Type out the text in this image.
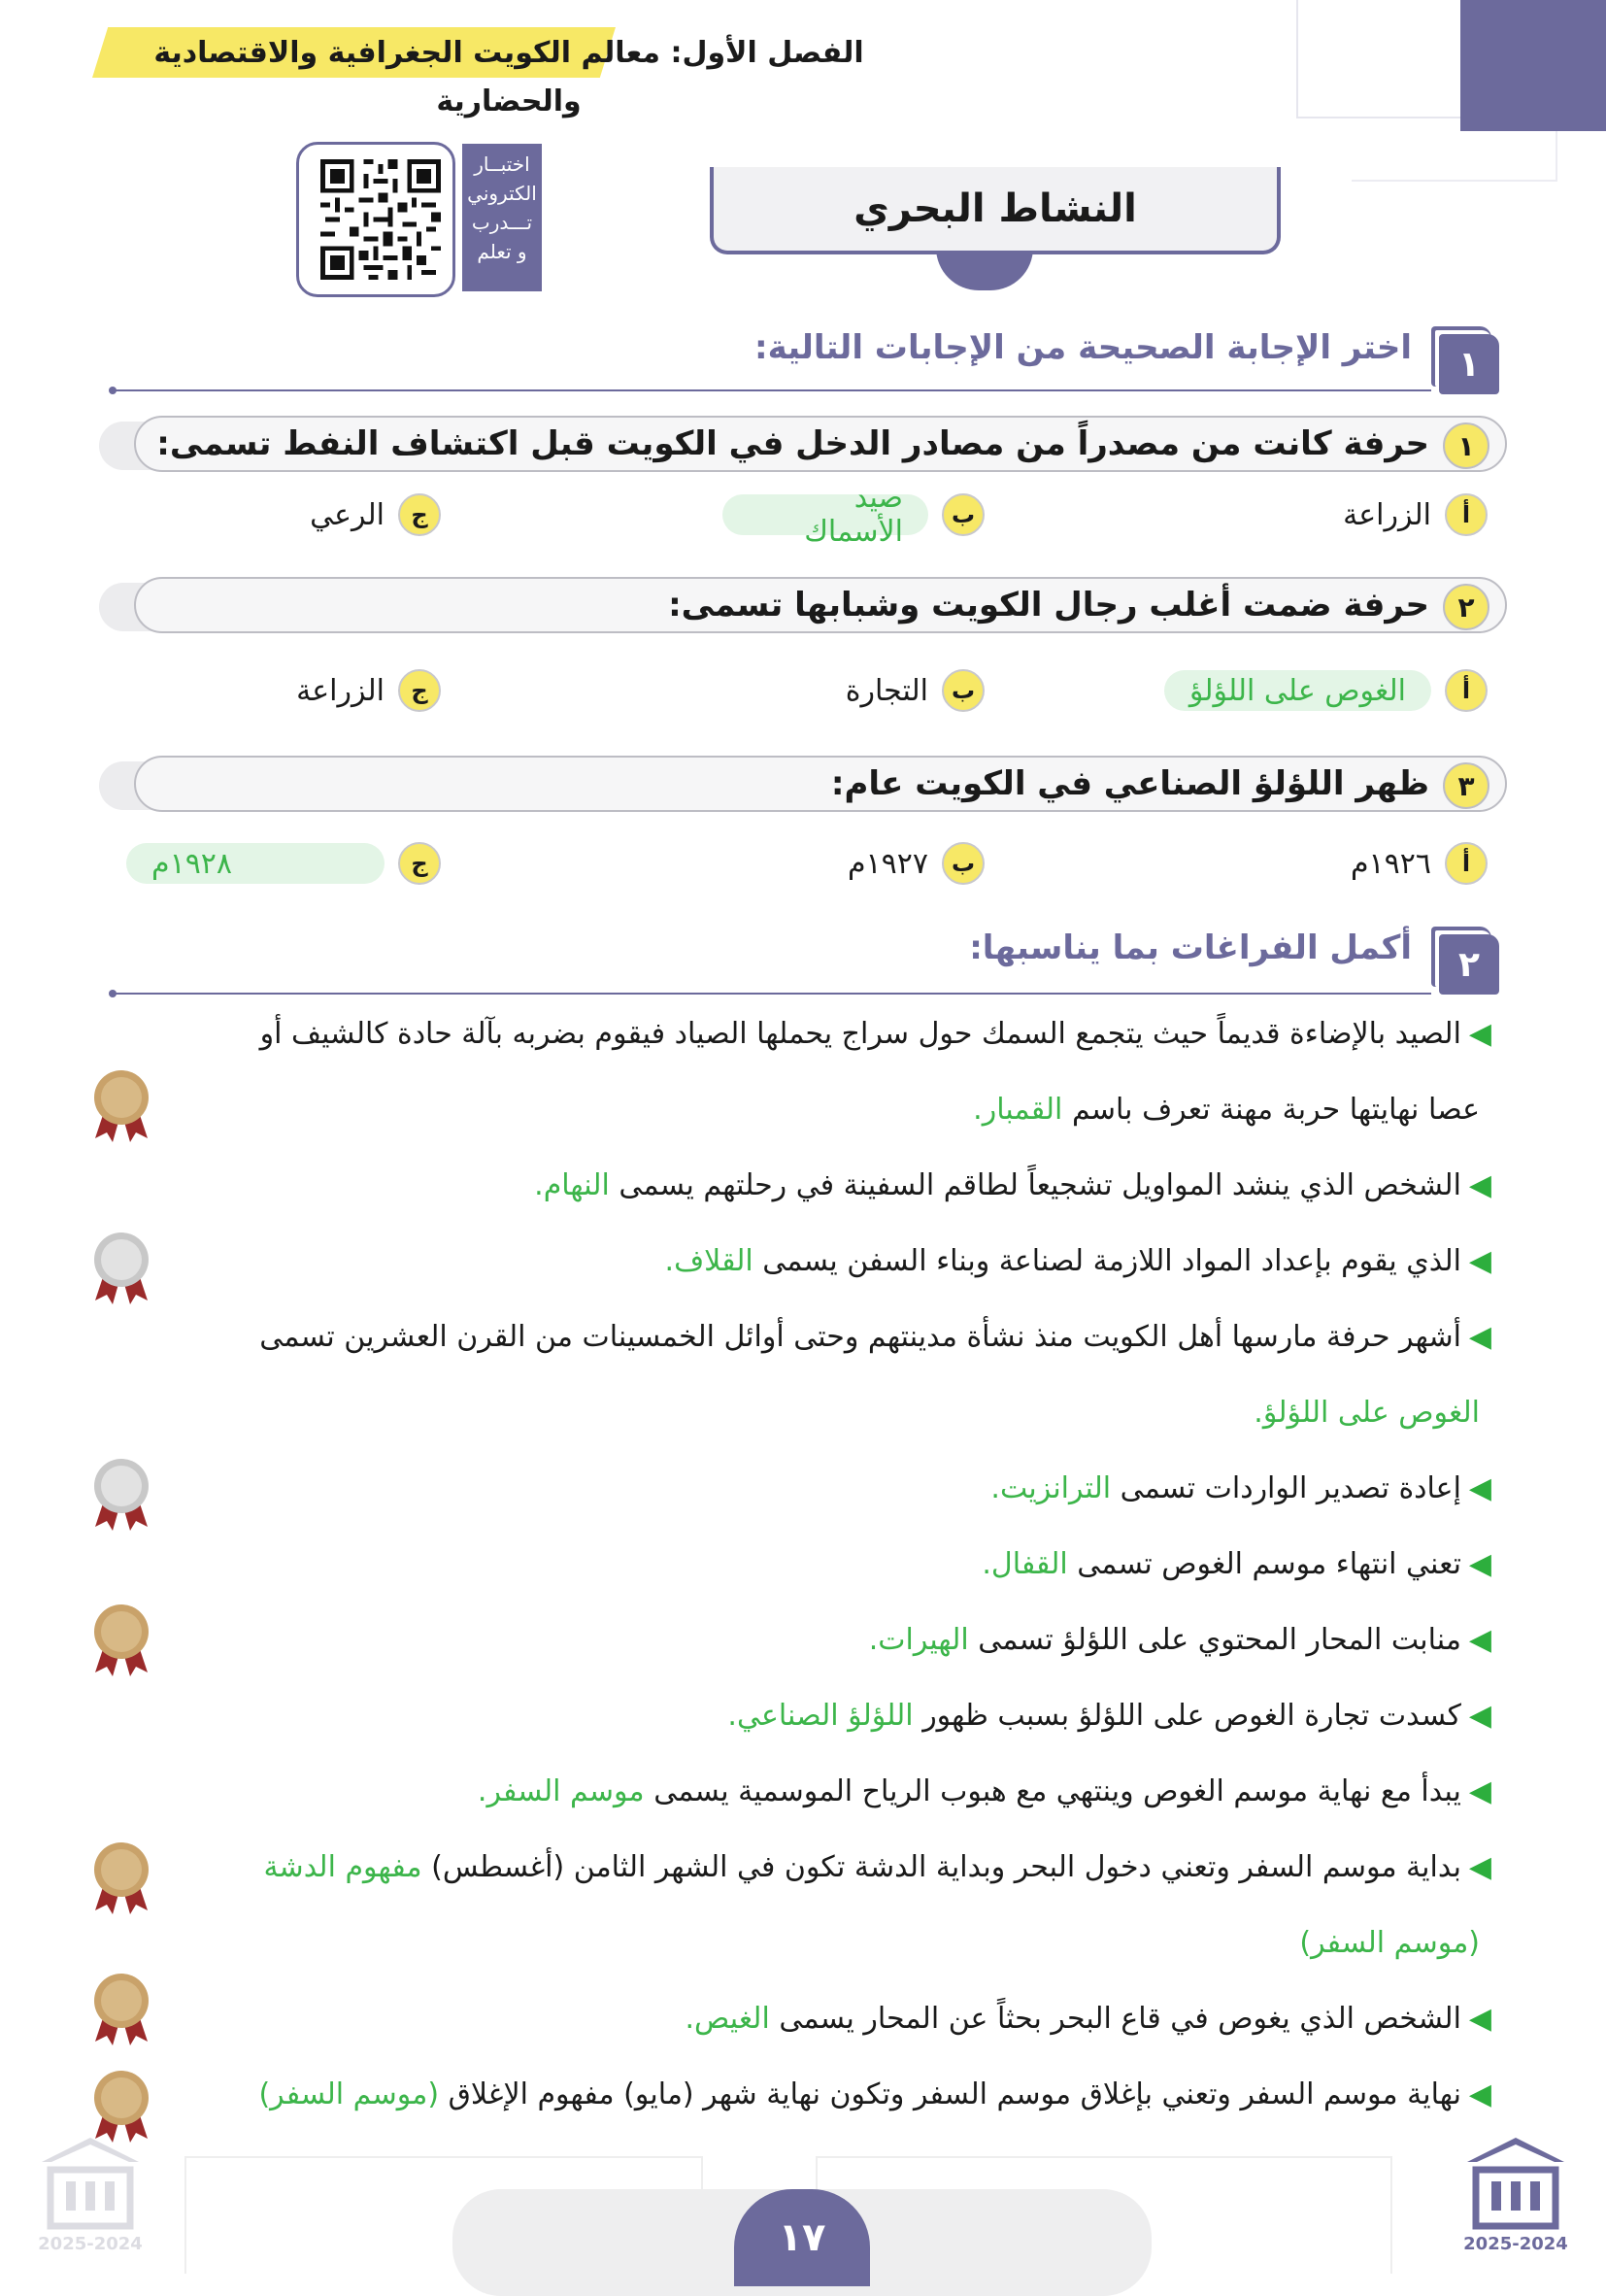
الفصل الأول: معالم الكويت الجغرافية والاقتصادية والحضارية
النشاط البحري
اختبــار
الكتروني
تـــدرب
و تعلم
١
اختر الإجابة الصحيحة من الإجابات التالية:
حرفة كانت من مصدراً من مصادر الدخل في الكويت قبل اكتشاف النفط تسمى:	١
أ
الزراعة
ب
صيد الأسماك
ج
الرعي
حرفة ضمت أغلب رجال الكويت وشبابها تسمى:	٢
أ
الغوص على اللؤلؤ
ب
التجارة
ج
الزراعة
ظهر اللؤلؤ الصناعي في الكويت عام:	٣
أ
١٩٢٦م
ب
١٩٢٧م
ج
١٩٢٨م
٢
أكمل الفراغات بما يناسبها:
◀الصيد بالإضاءة قديماً حيث يتجمع السمك حول سراج يحملها الصياد فيقوم بضربه بآلة حادة كالشيف أو
عصا نهايتها حربة مهنة تعرف باسم القمبار.
◀الشخص الذي ينشد المواويل تشجيعاً لطاقم السفينة في رحلتهم يسمى النهام.
◀الذي يقوم بإعداد المواد اللازمة لصناعة وبناء السفن يسمى القلاف.
◀أشهر حرفة مارسها أهل الكويت منذ نشأة مدينتهم وحتى أوائل الخمسينات من القرن العشرين تسمى
الغوص على اللؤلؤ.
◀إعادة تصدير الواردات تسمى الترانزيت.
◀تعني انتهاء موسم الغوص تسمى القفال.
◀منابت المحار المحتوي على اللؤلؤ تسمى الهيرات.
◀كسدت تجارة الغوص على اللؤلؤ بسبب ظهور اللؤلؤ الصناعي.
◀يبدأ مع نهاية موسم الغوص وينتهي مع هبوب الرياح الموسمية يسمى موسم السفر.
◀بداية موسم السفر وتعني دخول البحر وبداية الدشة تكون في الشهر الثامن (أغسطس) مفهوم الدشة
(موسم السفر)
◀الشخص الذي يغوص في قاع البحر بحثاً عن المحار يسمى الغيص.
◀نهاية موسم السفر وتعني بإغلاق موسم السفر وتكون نهاية شهر (مايو) مفهوم الإغلاق (موسم السفر)
١٧	2025-2024
2025-2024
